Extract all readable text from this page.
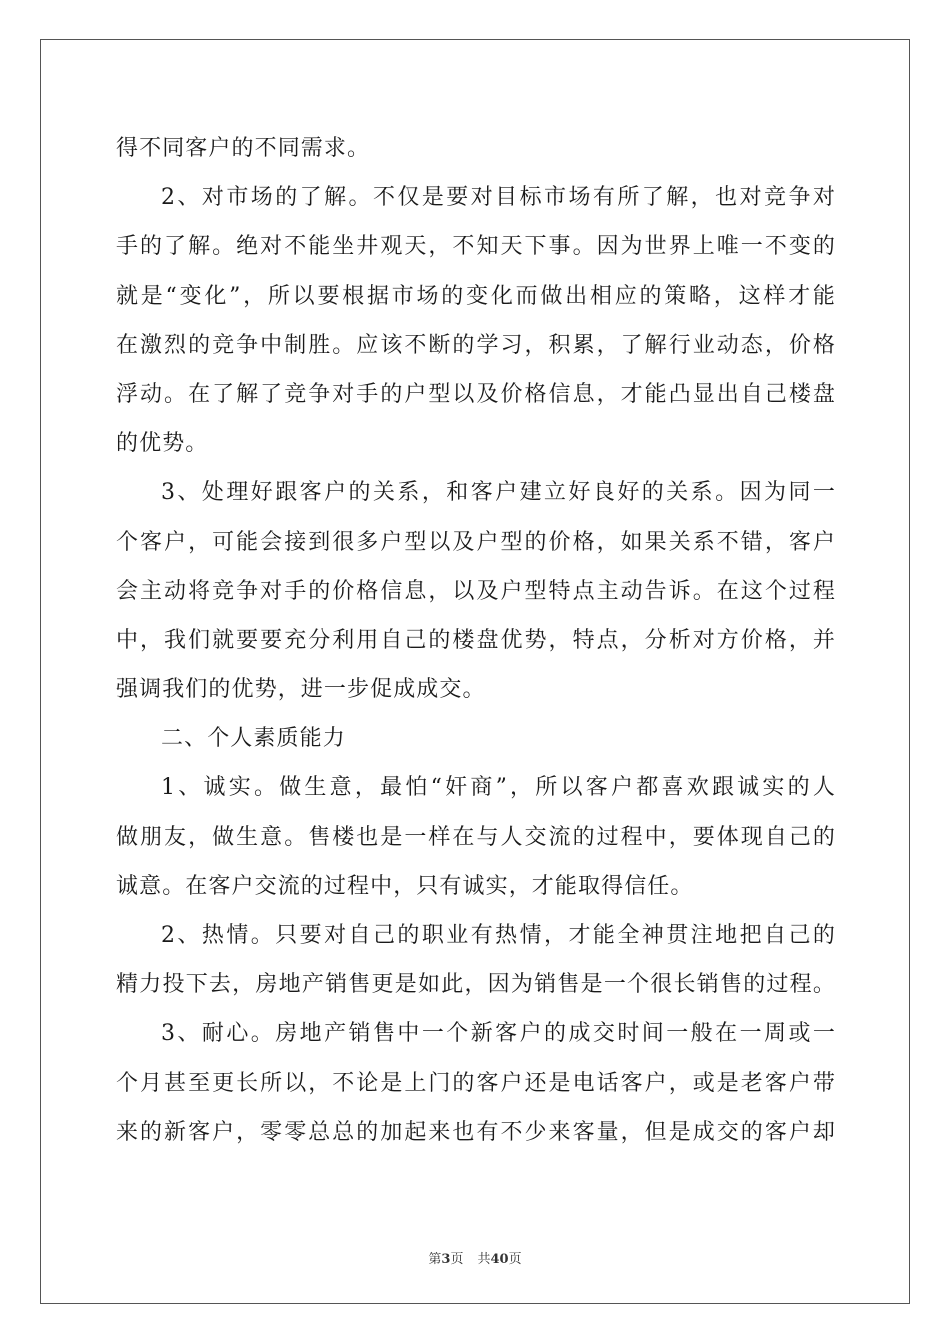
得不同客户的不同需求。
2、对市场的了解。不仅是要对目标市场有所了解，也对竞争对
手的了解。绝对不能坐井观天，不知天下事。因为世界上唯一不变的
就是“变化”，所以要根据市场的变化而做出相应的策略，这样才能
在激烈的竞争中制胜。应该不断的学习，积累，了解行业动态，价格
浮动。在了解了竞争对手的户型以及价格信息，才能凸显出自己楼盘
的优势。
3、处理好跟客户的关系，和客户建立好良好的关系。因为同一
个客户，可能会接到很多户型以及户型的价格，如果关系不错，客户
会主动将竞争对手的价格信息，以及户型特点主动告诉。在这个过程
中，我们就要要充分利用自己的楼盘优势，特点，分析对方价格，并
强调我们的优势，进一步促成成交。
二、个人素质能力
1、诚实。做生意，最怕“奸商”，所以客户都喜欢跟诚实的人
做朋友，做生意。售楼也是一样在与人交流的过程中，要体现自己的
诚意。在客户交流的过程中，只有诚实，才能取得信任。
2、热情。只要对自己的职业有热情，才能全神贯注地把自己的
精力投下去，房地产销售更是如此，因为销售是一个很长销售的过程。
3、耐心。房地产销售中一个新客户的成交时间一般在一周或一
个月甚至更长所以，不论是上门的客户还是电话客户，或是老客户带
来的新客户，零零总总的加起来也有不少来客量，但是成交的客户却
第3页 共40页
